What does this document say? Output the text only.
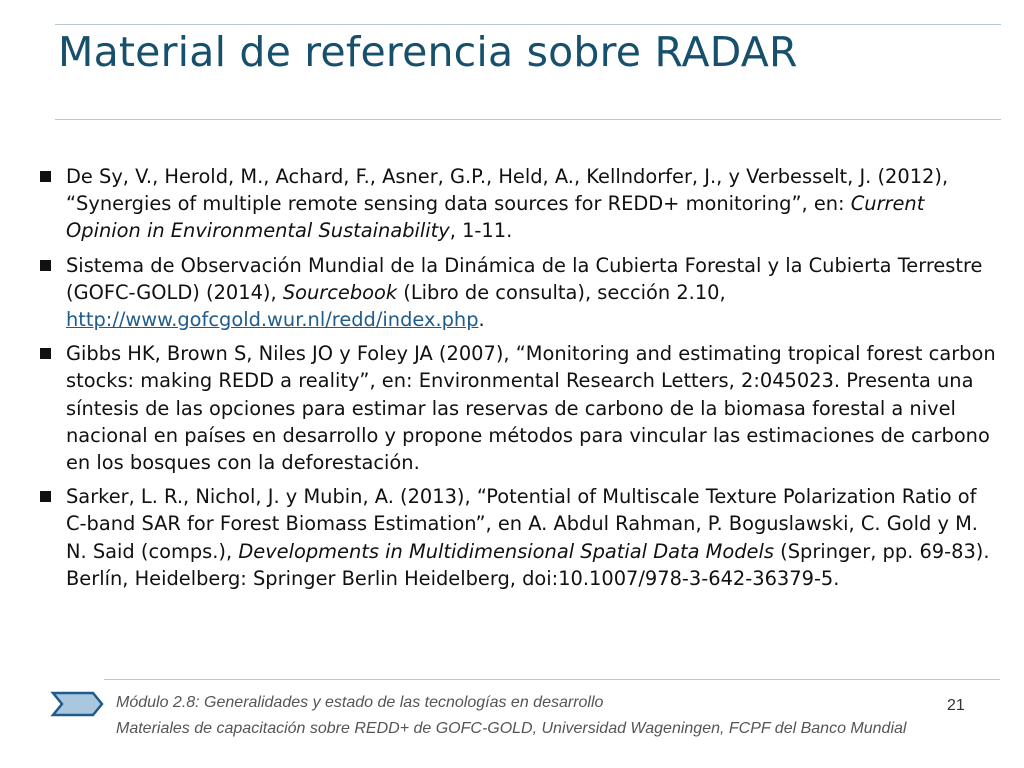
Material de referencia sobre RADAR
De Sy, V., Herold, M., Achard, F., Asner, G.P., Held, A., Kellndorfer, J., y Verbesselt, J. (2012), “Synergies of multiple remote sensing data sources for REDD+ monitoring”, en: Current Opinion in Environmental Sustainability, 1-11.
Sistema de Observación Mundial de la Dinámica de la Cubierta Forestal y la Cubierta Terrestre (GOFC-GOLD) (2014), Sourcebook (Libro de consulta), sección 2.10, http://www.gofcgold.wur.nl/redd/index.php.
Gibbs HK, Brown S, Niles JO y Foley JA (2007), “Monitoring and estimating tropical forest carbon stocks: making REDD a reality”, en: Environmental Research Letters, 2:045023. Presenta una síntesis de las opciones para estimar las reservas de carbono de la biomasa forestal a nivel nacional en países en desarrollo y propone métodos para vincular las estimaciones de carbono en los bosques con la deforestación.
Sarker, L. R., Nichol, J. y Mubin, A. (2013), “Potential of Multiscale Texture Polarization Ratio of C-band SAR for Forest Biomass Estimation”, en A. Abdul Rahman, P. Boguslawski, C. Gold y M. N. Said (comps.), Developments in Multidimensional Spatial Data Models (Springer, pp. 69-83). Berlín, Heidelberg: Springer Berlin Heidelberg, doi:10.1007/978-3-642-36379-5.
Módulo 2.8: Generalidades y estado de las tecnologías en desarrollo
Materiales de capacitación sobre REDD+ de GOFC-GOLD, Universidad Wageningen, FCPF del Banco Mundial
21
